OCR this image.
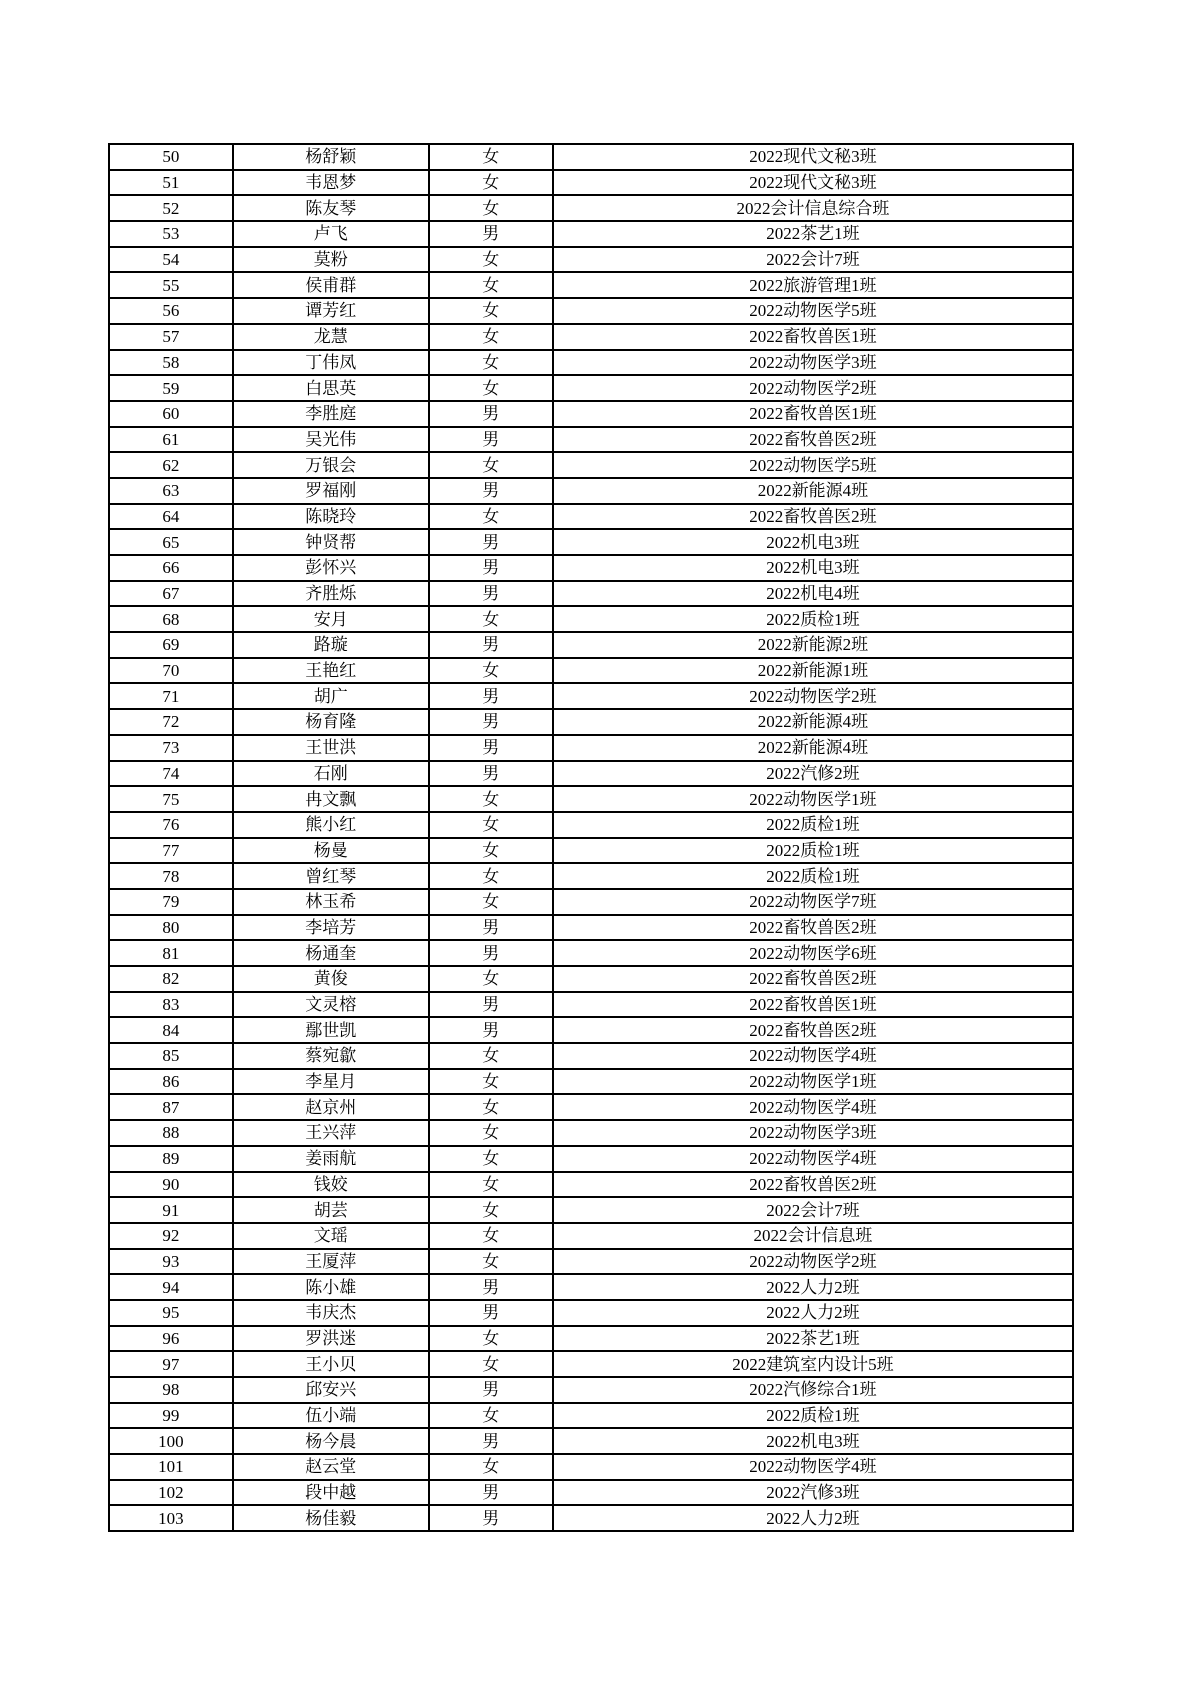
50	杨舒颖	女	2022现代文秘3班
51	韦恩梦	女	2022现代文秘3班
52	陈友琴	女	2022会计信息综合班
53	卢飞	男	2022茶艺1班
54	莫粉	女	2022会计7班
55	侯甫群	女	2022旅游管理1班
56	谭芳红	女	2022动物医学5班
57	龙慧	女	2022畜牧兽医1班
58	丁伟凤	女	2022动物医学3班
59	白思英	女	2022动物医学2班
60	李胜庭	男	2022畜牧兽医1班
61	吴光伟	男	2022畜牧兽医2班
62	万银会	女	2022动物医学5班
63	罗福刚	男	2022新能源4班
64	陈晓玲	女	2022畜牧兽医2班
65	钟贤帮	男	2022机电3班
66	彭怀兴	男	2022机电3班
67	齐胜烁	男	2022机电4班
68	安月	女	2022质检1班
69	路璇	男	2022新能源2班
70	王艳红	女	2022新能源1班
71	胡广	男	2022动物医学2班
72	杨育隆	男	2022新能源4班
73	王世洪	男	2022新能源4班
74	石刚	男	2022汽修2班
75	冉文飘	女	2022动物医学1班
76	熊小红	女	2022质检1班
77	杨曼	女	2022质检1班
78	曾红琴	女	2022质检1班
79	林玉希	女	2022动物医学7班
80	李培芳	男	2022畜牧兽医2班
81	杨通奎	男	2022动物医学6班
82	黄俊	女	2022畜牧兽医2班
83	文灵榕	男	2022畜牧兽医1班
84	鄢世凯	男	2022畜牧兽医2班
85	蔡宛歙	女	2022动物医学4班
86	李星月	女	2022动物医学1班
87	赵京州	女	2022动物医学4班
88	王兴萍	女	2022动物医学3班
89	姜雨航	女	2022动物医学4班
90	钱姣	女	2022畜牧兽医2班
91	胡芸	女	2022会计7班
92	文瑶	女	2022会计信息班
93	王厦萍	女	2022动物医学2班
94	陈小雄	男	2022人力2班
95	韦庆杰	男	2022人力2班
96	罗洪迷	女	2022茶艺1班
97	王小贝	女	2022建筑室内设计5班
98	邱安兴	男	2022汽修综合1班
99	伍小端	女	2022质检1班
100	杨今晨	男	2022机电3班
101	赵云堂	女	2022动物医学4班
102	段中越	男	2022汽修3班
103	杨佳毅	男	2022人力2班
